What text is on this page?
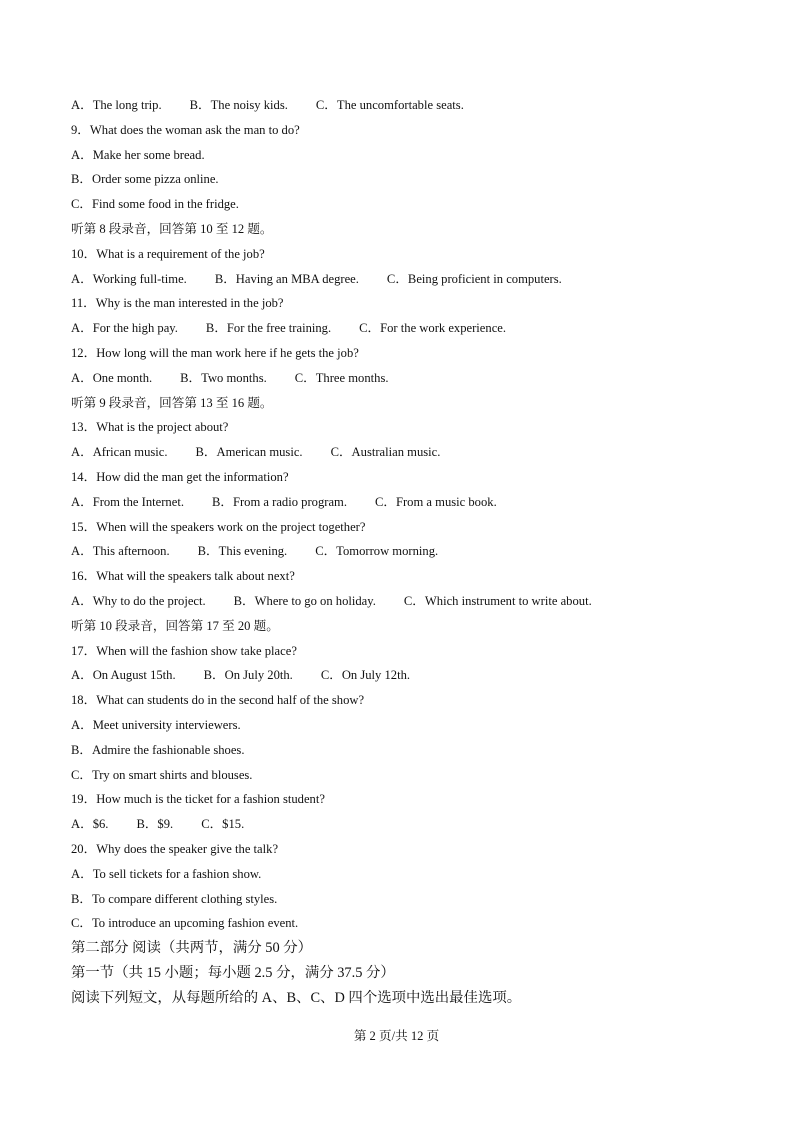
A．The long trip. B．The noisy kids. C．The uncomfortable seats.
9．What does the woman ask the man to do?
A．Make her some bread.
B．Order some pizza online.
C．Find some food in the fridge.
听第 8 段录音，回答第 10 至 12 题。
10．What is a requirement of the job?
A．Working full-time. B．Having an MBA degree. C．Being proficient in computers.
11．Why is the man interested in the job?
A．For the high pay. B．For the free training. C．For the work experience.
12．How long will the man work here if he gets the job?
A．One month. B．Two months. C．Three months.
听第 9 段录音，回答第 13 至 16 题。
13．What is the project about?
A．African music. B．American music. C．Australian music.
14．How did the man get the information?
A．From the Internet. B．From a radio program. C．From a music book.
15．When will the speakers work on the project together?
A．This afternoon. B．This evening. C．Tomorrow morning.
16．What will the speakers talk about next?
A．Why to do the project. B．Where to go on holiday. C．Which instrument to write about.
听第 10 段录音，回答第 17 至 20 题。
17．When will the fashion show take place?
A．On August 15th. B．On July 20th. C．On July 12th.
18．What can students do in the second half of the show?
A．Meet university interviewers.
B．Admire the fashionable shoes.
C．Try on smart shirts and blouses.
19．How much is the ticket for a fashion student?
A．$6. B．$9. C．$15.
20．Why does the speaker give the talk?
A．To sell tickets for a fashion show.
B．To compare different clothing styles.
C．To introduce an upcoming fashion event.
第二部分 阅读（共两节，满分 50 分）
第一节（共 15 小题；每小题 2.5 分，满分 37.5 分）
阅读下列短文，从每题所给的 A、B、C、D 四个选项中选出最佳选项。
第 2 页/共 12 页
